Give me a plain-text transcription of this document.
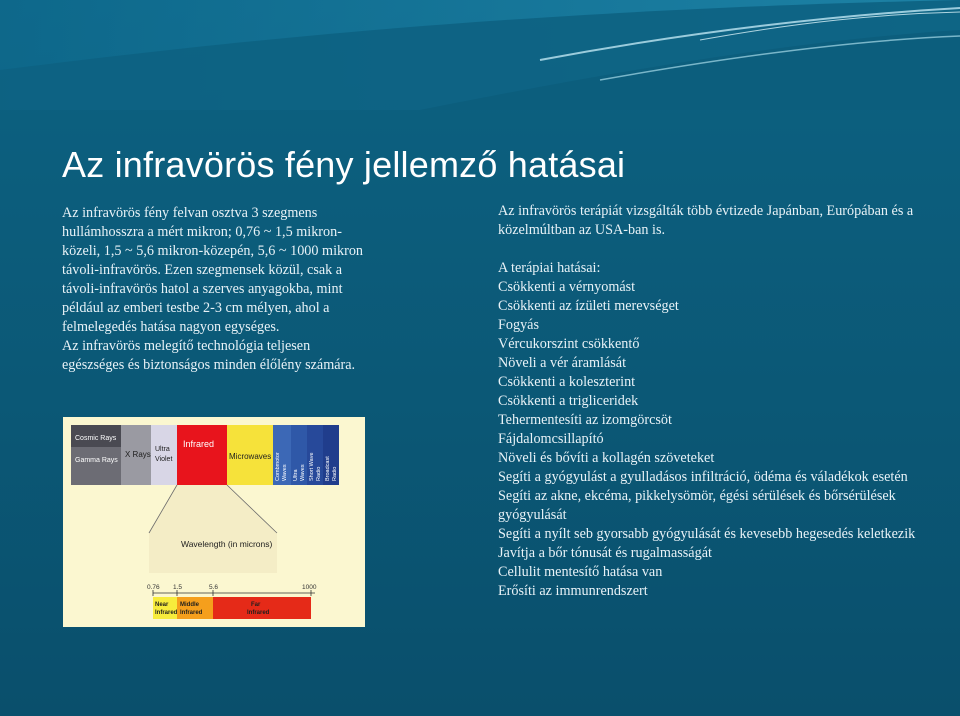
Az infravörös fény jellemző hatásai

Az infravörös fény felvan osztva 3 szegmens hullámhosszra a mért mikron; 0,76 ~ 1,5 mikron-közeli, 1,5 ~ 5,6 mikron-közepén, 5,6 ~ 1000 mikron távoli-infravörös. Ezen szegmensek közül, csak a távoli-infravörös hatol a szerves anyagokba, mint például az emberi testbe 2-3 cm mélyen, ahol a felmelegedés hatása nagyon egységes.

Az infravörös melegítő technológia teljesen egészséges és biztonságos minden élőlény számára.

Cosmic Rays
Gamma Rays
X Rays
Ultra
Violet
Infrared
Microwaves Combmotor Waves Ultra Waves Short Wave Radio Broadcast Radio
Wavelength (in microns)
0.76 1.5	5.6	1000
Near
Infrared
Middle
Infrared
Far
Infrared

Az infravörös terápiát vizsgálták több évtizede Japánban, Európában és a közelmúltban az USA-ban is.

A terápiai hatásai:

Csökkenti a vérnyomást
Csökkenti az ízületi merevséget
Fogyás
Vércukorszint csökkentő
Növeli a vér áramlását
Csökkenti a koleszterint
Csökkenti a trigliceridek
Tehermentesíti az izomgörcsöt
Fájdalomcsillapító
Növeli és bővíti a kollagén szöveteket
Segíti a gyógyulást a gyulladásos infiltráció, ödéma és váladékok esetén
Segíti az akne, ekcéma, pikkelysömör, égési sérülések és bőrsérülések gyógyulását
Segíti a nyílt seb gyorsabb gyógyulását és kevesebb hegesedés keletkezik
Javítja a bőr tónusát és rugalmasságát
Cellulit mentesítő hatása van
Erősíti az immunrendszert
